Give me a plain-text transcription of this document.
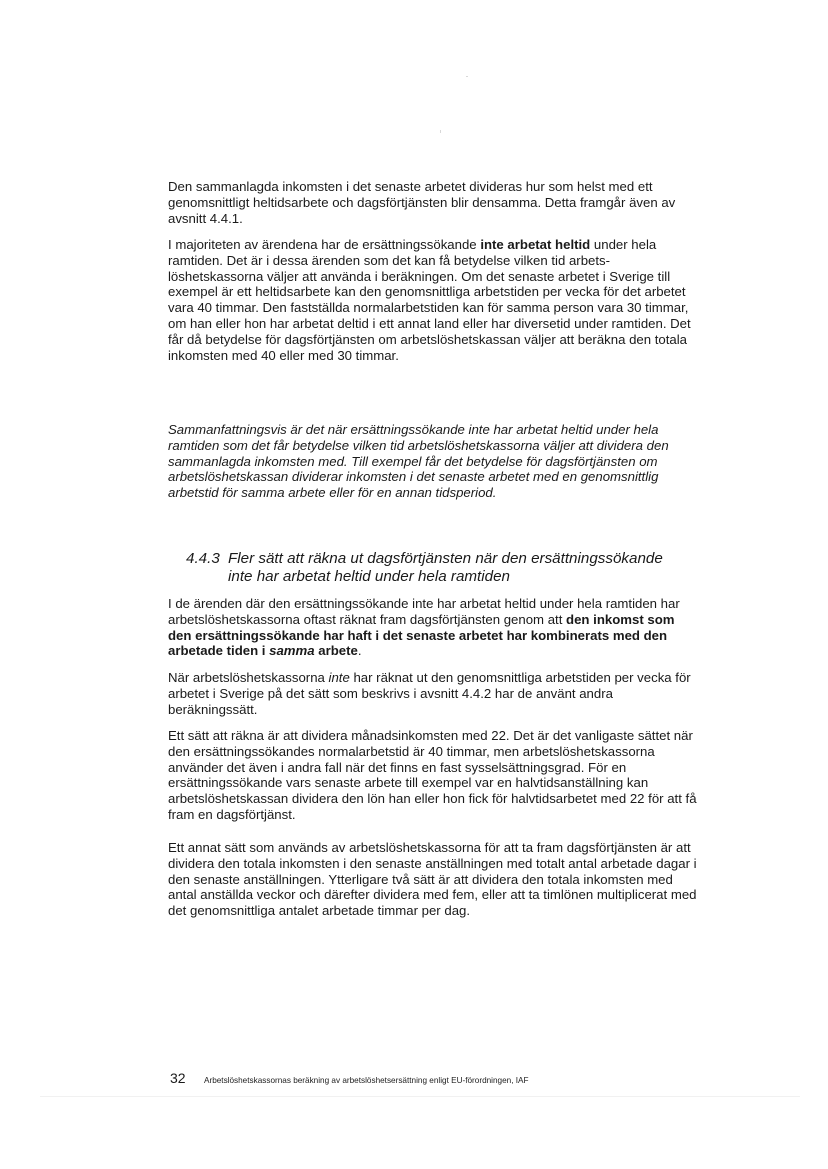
Den sammanlagda inkomsten i det senaste arbetet divideras hur som helst med ett genomsnittligt heltidsarbete och dagsförtjänsten blir densamma. Detta framgår även av avsnitt 4.4.1.

I majoriteten av ärendena har de ersättningssökande inte arbetat heltid under hela ramtiden. Det är i dessa ärenden som det kan få betydelse vilken tid arbetslöshetskassorna väljer att använda i beräkningen. Om det senaste arbetet i Sverige till exempel är ett heltidsarbete kan den genomsnittliga arbetstiden per vecka för det arbetet vara 40 timmar. Den fastställda normalarbetstiden kan för samma person vara 30 timmar, om han eller hon har arbetat deltid i ett annat land eller har diversetid under ramtiden. Det får då betydelse för dagsförtjänsten om arbetslöshetskassan väljer att beräkna den totala inkomsten med 40 eller med 30 timmar.

Sammanfattningsvis är det när ersättningssökande inte har arbetat heltid under hela ramtiden som det får betydelse vilken tid arbetslöshetskassorna väljer att dividera den sammanlagda inkomsten med. Till exempel får det betydelse för dagsförtjänsten om arbetslöshetskassan dividerar inkomsten i det senaste arbetet med en genomsnittlig arbetstid för samma arbete eller för en annan tidsperiod.

4.4.3 Fler sätt att räkna ut dagsförtjänsten när den ersättningssökande
inte har arbetat heltid under hela ramtiden

I de ärenden där den ersättningssökande inte har arbetat heltid under hela ramtiden har arbetslöshetskassorna oftast räknat fram dagsförtjänsten genom att den inkomst som den ersättningssökande har haft i det senaste arbetet har kombinerats med den arbetade tiden i samma arbete.

När arbetslöshetskassorna inte har räknat ut den genomsnittliga arbetstiden per vecka för arbetet i Sverige på det sätt som beskrivs i avsnitt 4.4.2 har de använt andra beräkningssätt.

Ett sätt att räkna är att dividera månadsinkomsten med 22. Det är det vanligaste sättet när den ersättningssökandes normalarbetstid är 40 timmar, men arbetslöshetskassorna använder det även i andra fall när det finns en fast sysselsättningsgrad. För en ersättningssökande vars senaste arbete till exempel var en halvtidsanställning kan arbetslöshetskassan dividera den lön han eller hon fick för halvtidsarbetet med 22 för att få fram en dagsförtjänst.

Ett annat sätt som används av arbetslöshetskassorna för att ta fram dagsförtjänsten är att dividera den totala inkomsten i den senaste anställningen med totalt antal arbetade dagar i den senaste anställningen. Ytterligare två sätt är att dividera den totala inkomsten med antal anställda veckor och därefter dividera med fem, eller att ta timlönen multiplicerat med det genomsnittliga antalet arbetade timmar per dag.

32	Arbetslöshetskassornas beräkning av arbetslöshetsersättning enligt EU-förordningen, IAF
